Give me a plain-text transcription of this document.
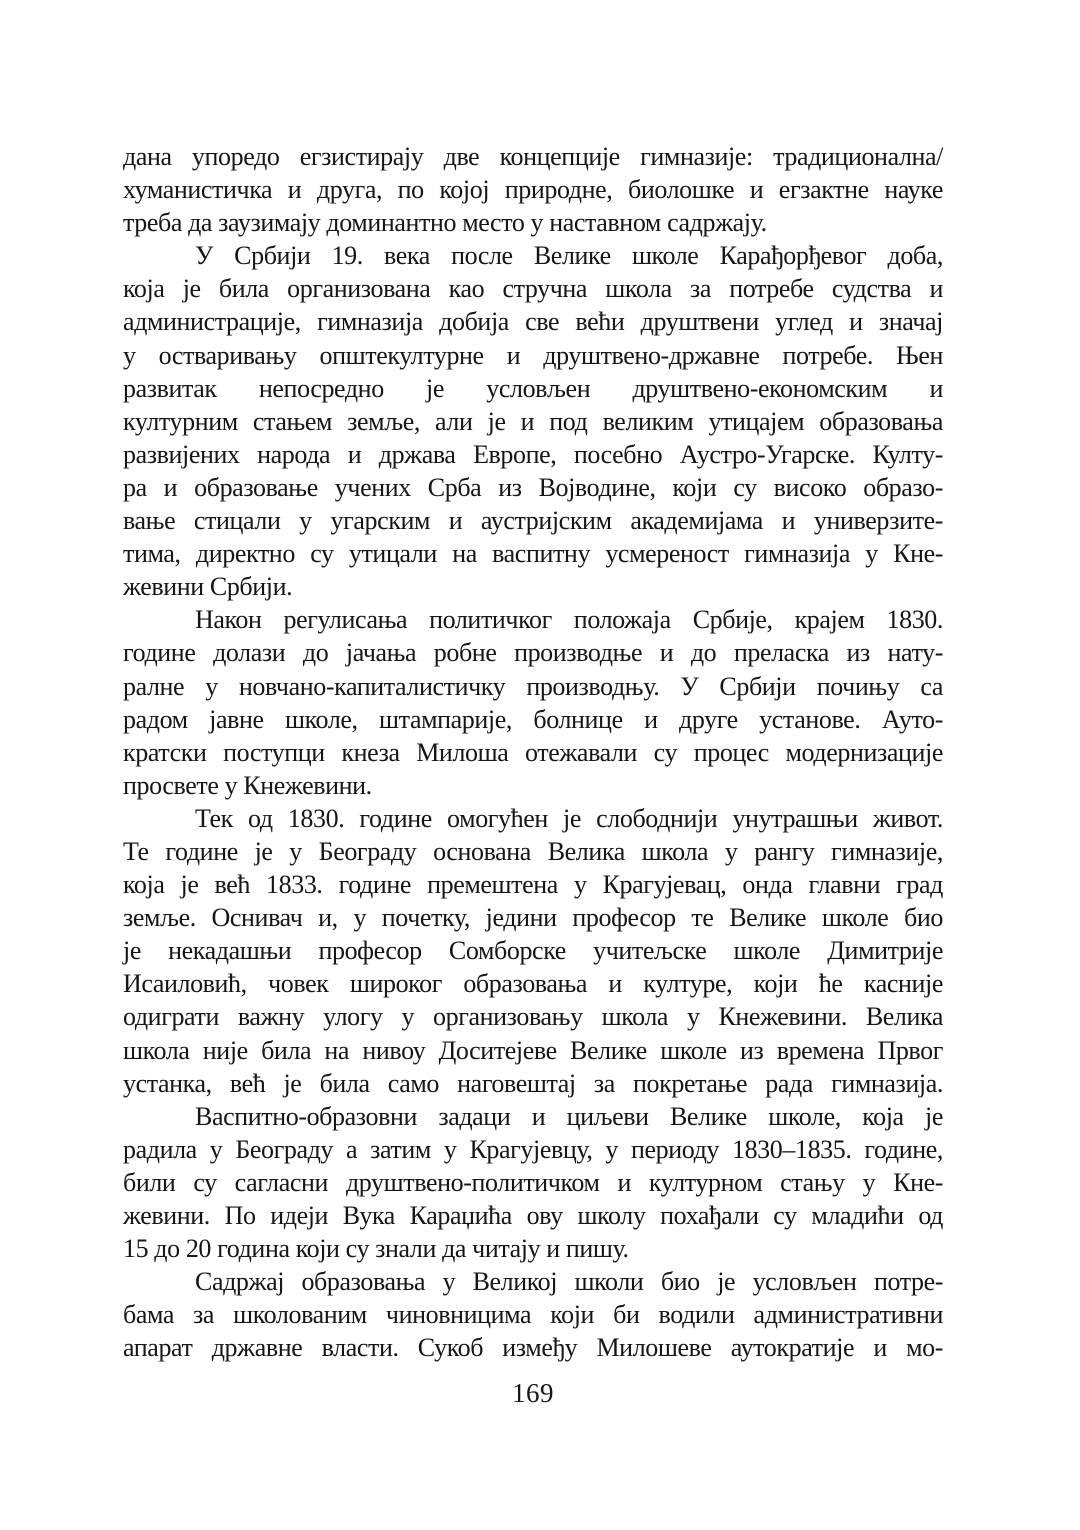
дана упоредо егзистирају две концепције гимназије: традиционална/
хуманистичка и друга, по којој природне, биолошке и егзактне науке
треба да заузимају доминантно место у наставном садржају.
У Србији 19. века после Велике школе Карађорђевог доба,
која је била организована као стручна школа за потребе судства и
администрације, гимназија добија све већи друштвени углед и значај
у остваривању општекултурне и друштвено-државне потребе. Њен
развитак непосредно је условљен друштвено-економским и
културним стањем земље, али је и под великим утицајем образовања
развијених народа и држава Европе, посебно Аустро-Угарске. Култу-
ра и образовање учених Срба из Војводине, који су високо образо-
вање стицали у угарским и аустријским академијама и универзите-
тима, директно су утицали на васпитну усмереност гимназија у Кне-
жевини Србији.
Након регулисања политичког положаја Србије, крајем 1830.
године долази до јачања робне производње и до преласка из нату-
ралне у новчано-капиталистичку производњу. У Србији почињу са
радом јавне школе, штампарије, болнице и друге установе. Ауто-
кратски поступци кнеза Милоша отежавали су процес модернизације
просвете у Кнежевини.
Тек од 1830. године омогућен је слободнији унутрашњи живот.
Те године је у Београду основана Велика школа у рангу гимназије,
која је већ 1833. године премештена у Крагујевац, онда главни град
земље. Оснивач и, у почетку, једини професор те Велике школе био
је некадашњи професор Сомборске учитељске школе Димитрије
Исаиловић, човек широког образовања и културе, који ће касније
одиграти важну улогу у организовању школа у Кнежевини. Велика
школа није била на нивоу Доситејеве Велике школе из времена Првог
устанка, већ је била само наговештај за покретање рада гимназија.
Васпитно-образовни задаци и циљеви Велике школе, која је
радила у Београду а затим у Крагујевцу, у периоду 1830–1835. године,
били су сагласни друштвено-политичком и културном стању у Кне-
жевини. По идеји Вука Караџића ову школу похађали су младићи од
15 до 20 година који су знали да читају и пишу.
Садржај образовања у Великој школи био је условљен потре-
бама за школованим чиновницима који би водили административни
апарат државне власти. Сукоб између Милошеве аутократије и мо-
169
